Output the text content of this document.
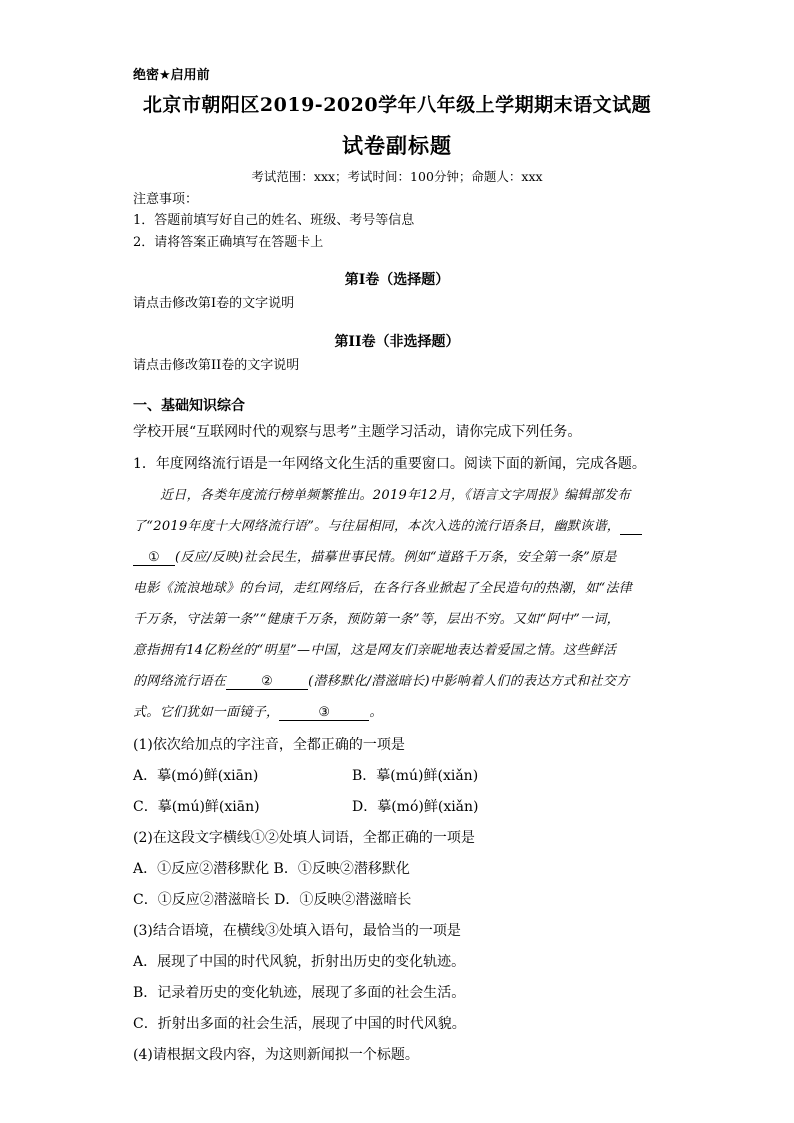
绝密★启用前
北京市朝阳区2019-2020学年八年级上学期期末语文试题
试卷副标题
考试范围：xxx；考试时间：100分钟；命题人：xxx
注意事项：
1．答题前填写好自己的姓名、班级、考号等信息
2．请将答案正确填写在答题卡上
第I卷（选择题）
请点击修改第I卷的文字说明
第II卷（非选择题）
请点击修改第II卷的文字说明
一、基础知识综合
学校开展“互联网时代的观察与思考”主题学习活动，请你完成下列任务。
1．年度网络流行语是一年网络文化生活的重要窗口。阅读下面的新闻，完成各题。
近日，各类年度流行榜单频繁推出。2019年12月，《语言文字周报》编辑部发布
了“2019年度十大网络流行语”。与往届相同，本次入选的流行语条目，幽默诙谐，
① (反应/反映)社会民生，描摹世事民情。例如“道路千万条，安全第一条”原是
电影《流浪地球》的台词，走红网络后，在各行各业掀起了全民造句的热潮，如“法律
千万条，守法第一条”“健康千万条，预防第一条”等，层出不穷。又如“阿中”一词，
意指拥有14亿粉丝的“明星”—中国，这是网友们亲昵地表达着爱国之情。这些鲜活
的网络流行语在	②	(潜移默化/潜滋暗长)中影响着人们的表达方式和社交方
式。它们犹如一面镜子，	③	。
(1)依次给加点的字注音，全都正确的一项是
A．摹(mó)鲜(xiān)	B．摹(mú)鲜(xiǎn)
C．摹(mú)鲜(xiān)	D．摹(mó)鲜(xiǎn)
(2)在这段文字横线①②处填人词语，全都正确的一项是
A．①反应②潜移默化 B．①反映②潜移默化
C．①反应②潜滋暗长 D．①反映②潜滋暗长
(3)结合语境，在横线③处填入语句，最恰当的一项是
A．展现了中国的时代风貌，折射出历史的变化轨迹。
B．记录着历史的变化轨迹，展现了多面的社会生活。
C．折射出多面的社会生活，展现了中国的时代风貌。
(4)请根据文段内容，为这则新闻拟一个标题。
